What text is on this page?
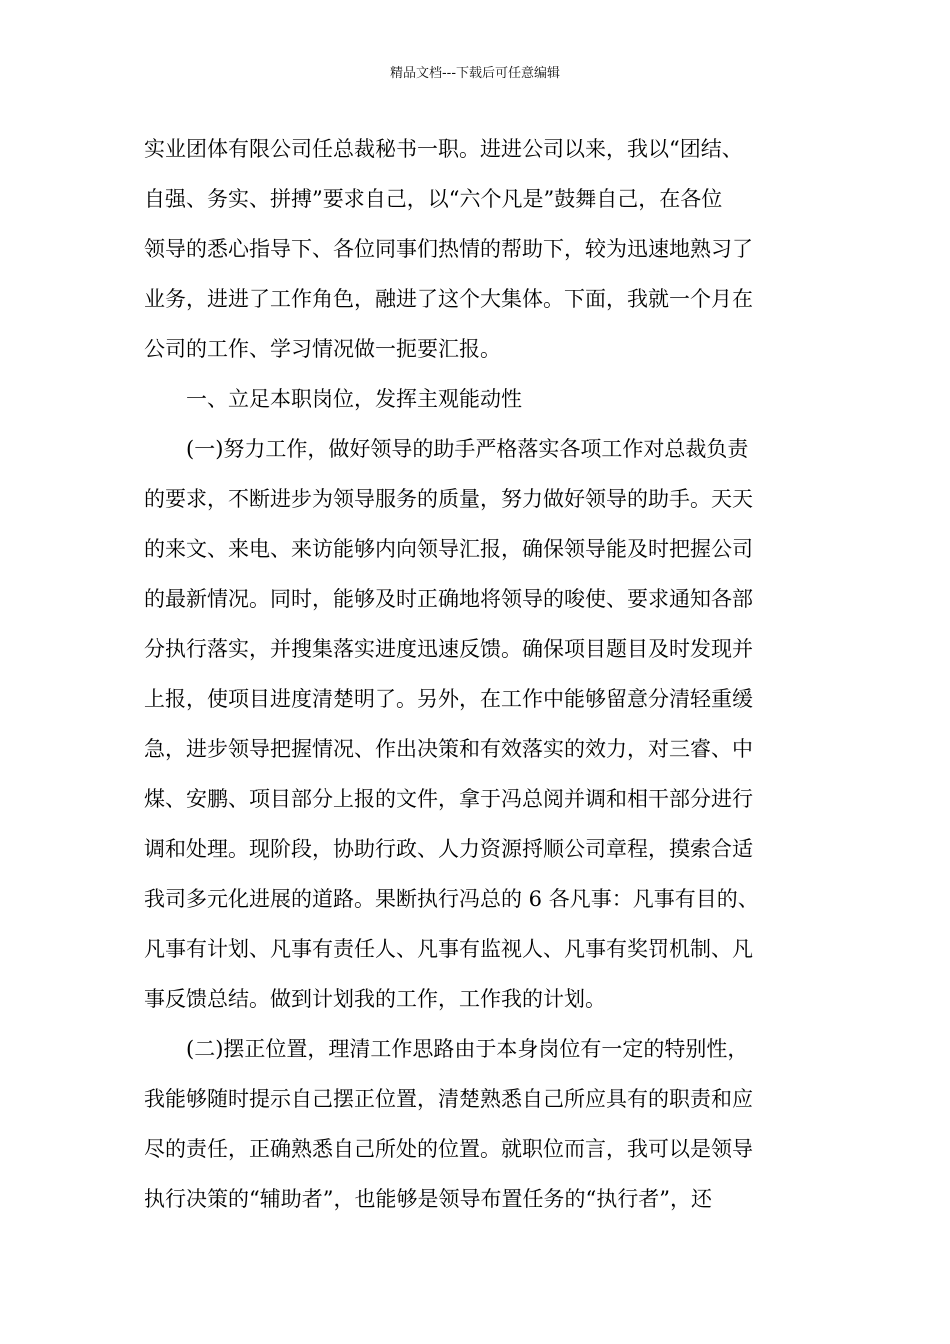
精品文档---下载后可任意编辑
实业团体有限公司任总裁秘书一职。进进公司以来，我以“团结、
自强、务实、拼搏”要求自己，以“六个凡是”鼓舞自己，在各位
领导的悉心指导下、各位同事们热情的帮助下，较为迅速地熟习了
业务，进进了工作角色，融进了这个大集体。下面，我就一个月在
公司的工作、学习情况做一扼要汇报。
一、立足本职岗位，发挥主观能动性
(一)努力工作，做好领导的助手严格落实各项工作对总裁负责
的要求，不断进步为领导服务的质量，努力做好领导的助手。天天
的来文、来电、来访能够内向领导汇报，确保领导能及时把握公司
的最新情况。同时，能够及时正确地将领导的唆使、要求通知各部
分执行落实，并搜集落实进度迅速反馈。确保项目题目及时发现并
上报，使项目进度清楚明了。另外，在工作中能够留意分清轻重缓
急，进步领导把握情况、作出决策和有效落实的效力，对三睿、中
煤、安鹏、项目部分上报的文件，拿于冯总阅并调和相干部分进行
调和处理。现阶段，协助行政、人力资源捋顺公司章程，摸索合适
我司多元化进展的道路。果断执行冯总的 6 各凡事：凡事有目的、
凡事有计划、凡事有责任人、凡事有监视人、凡事有奖罚机制、凡
事反馈总结。做到计划我的工作，工作我的计划。
(二)摆正位置，理清工作思路由于本身岗位有一定的特别性，
我能够随时提示自己摆正位置，清楚熟悉自己所应具有的职责和应
尽的责任，正确熟悉自己所处的位置。就职位而言，我可以是领导
执行决策的“辅助者”，也能够是领导布置任务的“执行者”，还
